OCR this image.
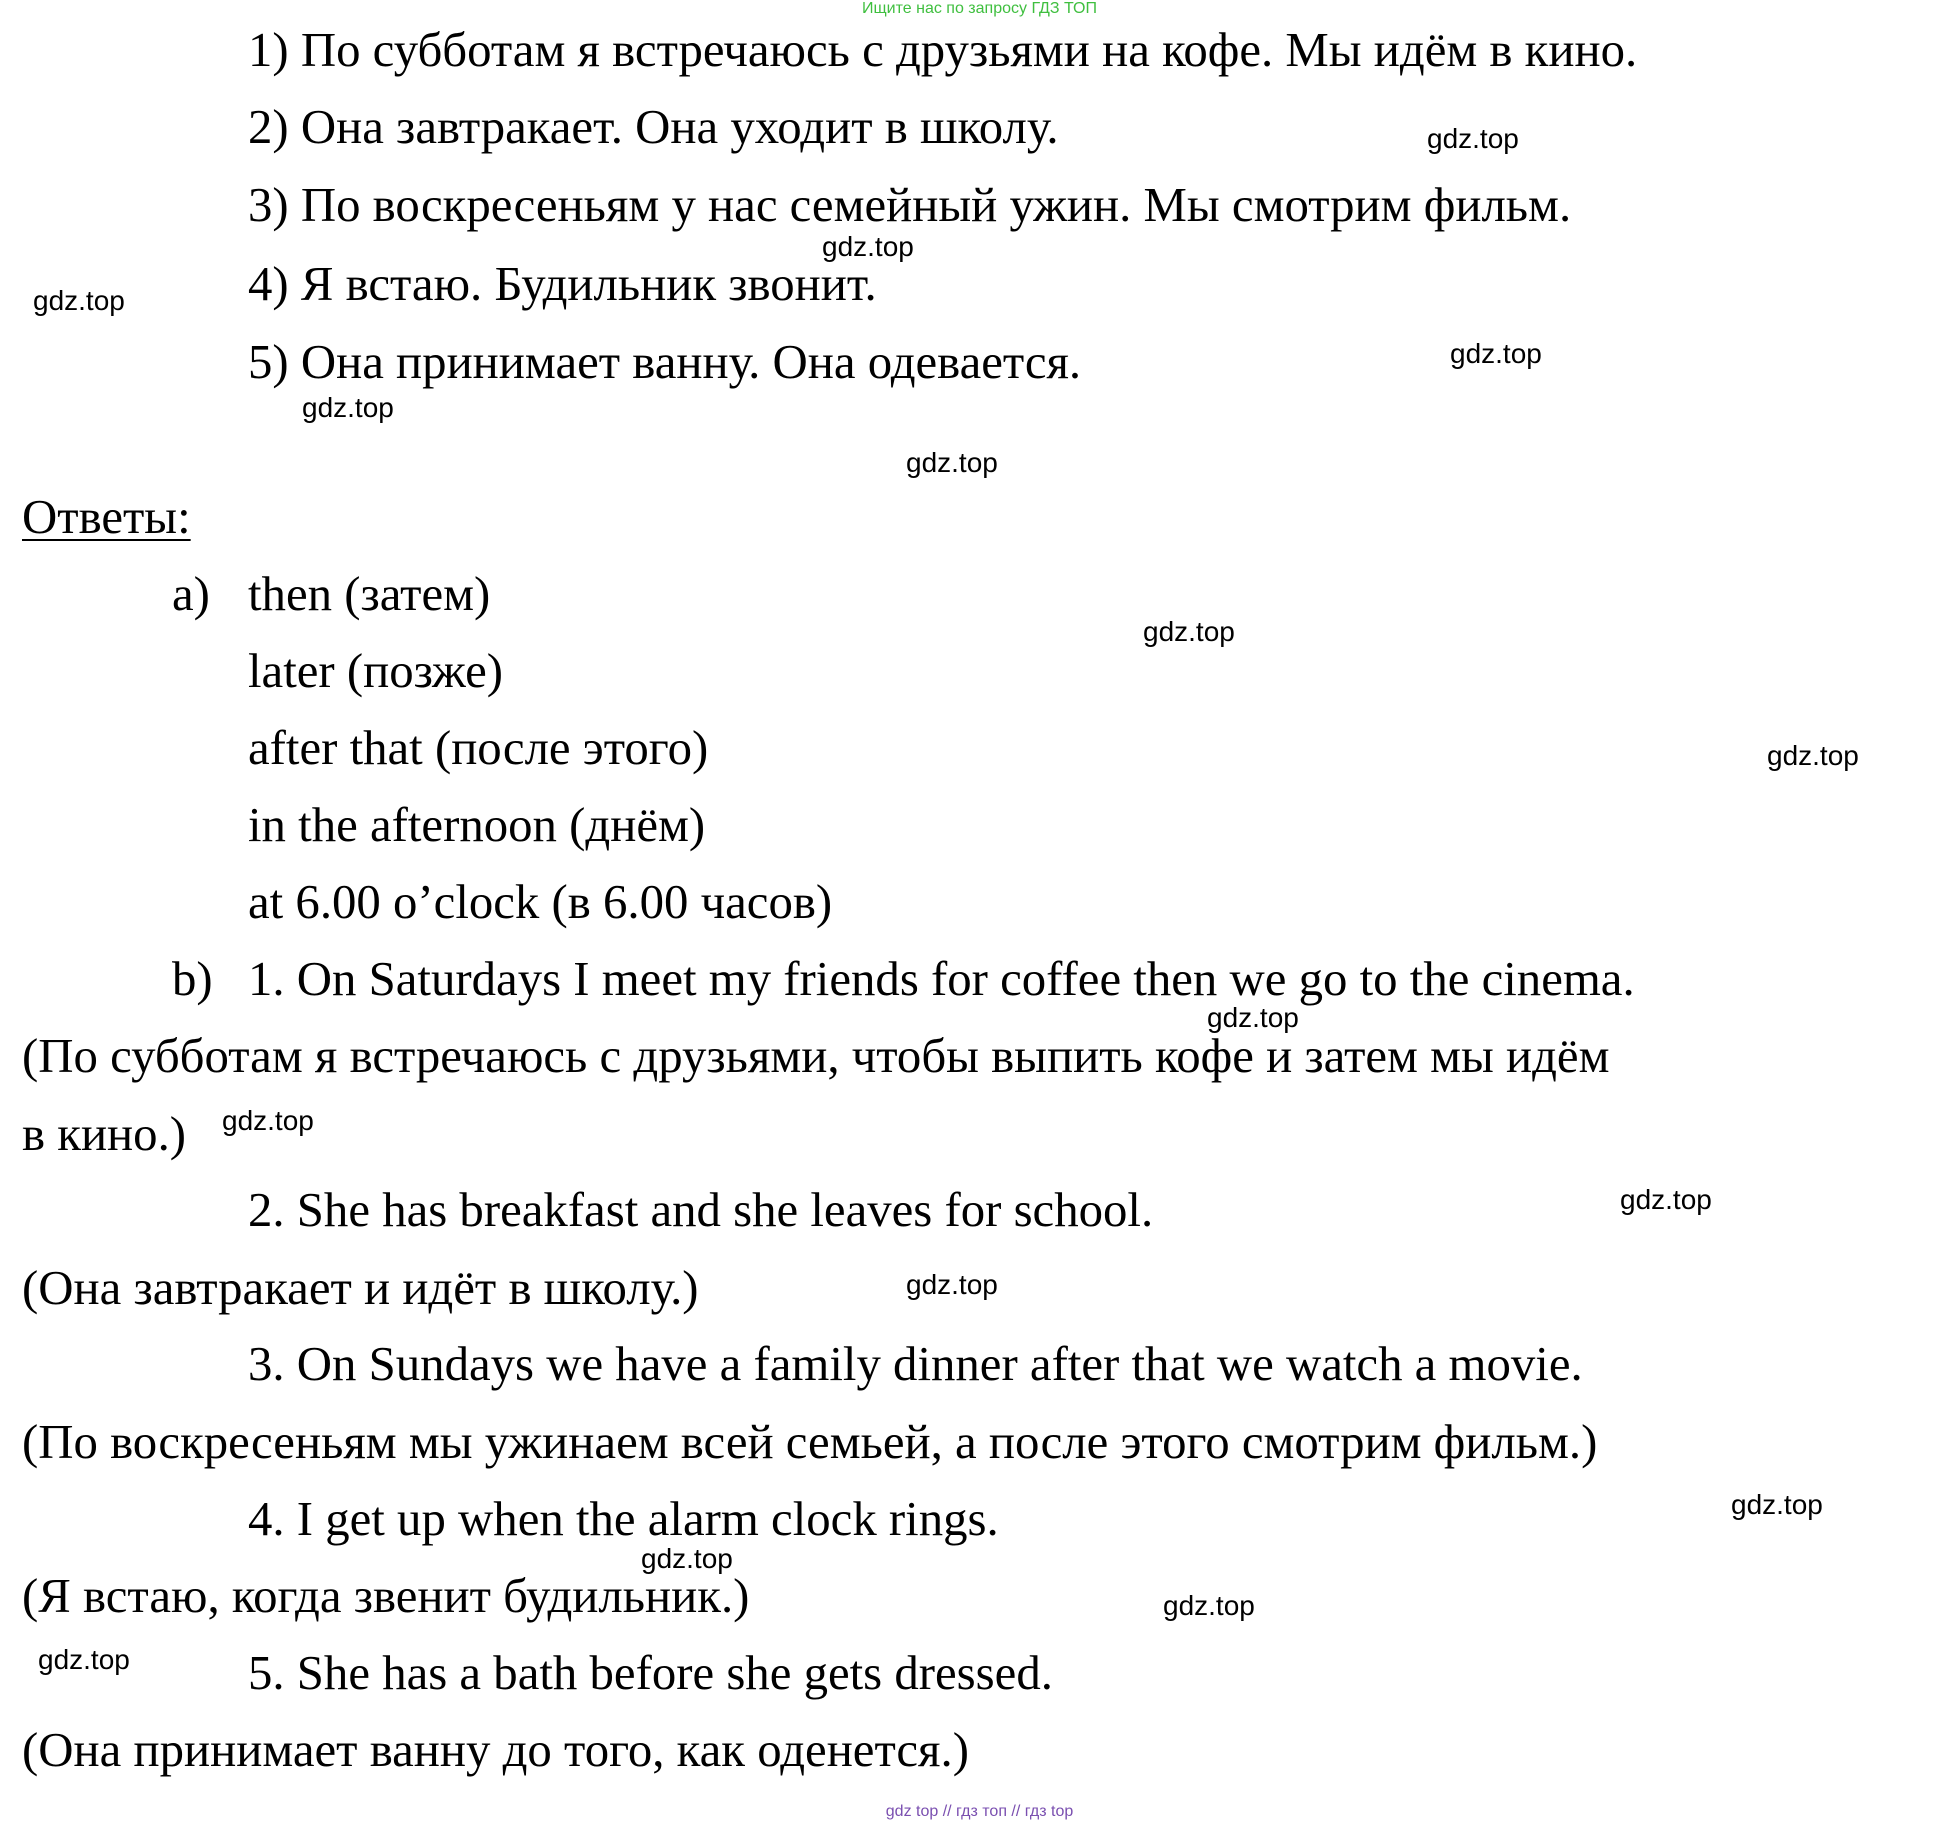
Ищите нас по запросу ГДЗ ТОП
1) По субботам я встречаюсь с друзьями на кофе. Мы идём в кино.
2) Она завтракает. Она уходит в школу.
3) По воскресеньям у нас семейный ужин. Мы смотрим фильм.
4) Я встаю. Будильник звонит.
5) Она принимает ванну. Она одевается.
Ответы:
a) then (затем)
later (позже)
after that (после этого)
in the afternoon (днём)
at 6.00 o’clock (в 6.00 часов)
b) 1. On Saturdays I meet my friends for coffee then we go to the cinema.
(По субботам я встречаюсь с друзьями, чтобы выпить кофе и затем мы идём
в кино.)
2. She has breakfast and she leaves for school.
(Она завтракает и идёт в школу.)
3. On Sundays we have a family dinner after that we watch a movie.
(По воскресеньям мы ужинаем всей семьей, а после этого смотрим фильм.)
4. I get up when the alarm clock rings.
(Я встаю, когда звенит будильник.)
5. She has a bath before she gets dressed.
(Она принимает ванну до того, как оденется.)
gdz.top
gdz.top
gdz.top
gdz.top
gdz.top
gdz.top
gdz.top
gdz.top
gdz.top
gdz.top
gdz.top
gdz.top
gdz.top
gdz.top
gdz.top
gdz.top
gdz top // гдз топ // гдз top
